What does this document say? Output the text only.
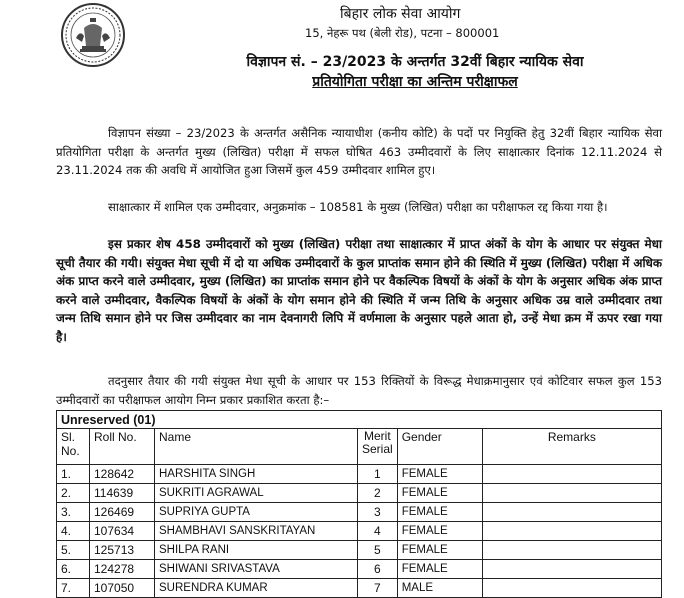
बिहार लोक सेवा आयोग
15, नेहरू पथ (बेली रोड), पटना – 800001
विज्ञापन सं. – 23/2023 के अन्तर्गत 32वीं बिहार न्यायिक सेवा
प्रतियोगिता परीक्षा का अन्तिम परीक्षाफल

विज्ञापन संख्या – 23/2023 के अन्तर्गत असैनिक न्यायाधीश (कनीय कोटि) के पदों पर नियुक्ति हेतु 32वीं बिहार न्यायिक सेवा प्रतियोगिता परीक्षा के अन्तर्गत मुख्य (लिखित) परीक्षा में सफल घोषित 463 उम्मीदवारों के लिए साक्षात्कार दिनांक 12.11.2024 से 23.11.2024 तक की अवधि में आयोजित हुआ जिसमें कुल 459 उम्मीदवार शामिल हुए।

साक्षात्कार में शामिल एक उम्मीदवार, अनुक्रमांक – 108581 के मुख्य (लिखित) परीक्षा का परीक्षाफल रद्द किया गया है।

इस प्रकार शेष 458 उम्मीदवारों को मुख्य (लिखित) परीक्षा तथा साक्षात्कार में प्राप्त अंकों के योग के आधार पर संयुक्त मेधा सूची तैयार की गयी। संयुक्त मेधा सूची में दो या अधिक उम्मीदवारों के कुल प्राप्तांक समान होने की स्थिति में मुख्य (लिखित) परीक्षा में अधिक अंक प्राप्त करने वाले उम्मीदवार, मुख्य (लिखित) का प्राप्तांक समान होने पर वैकल्पिक विषयों के अंकों के योग के अनुसार अधिक अंक प्राप्त करने वाले उम्मीदवार, वैकल्पिक विषयों के अंकों के योग समान होने की स्थिति में जन्म तिथि के अनुसार अधिक उम्र वाले उम्मीदवार तथा जन्म तिथि समान होने पर जिस उम्मीदवार का नाम देवनागरी लिपि में वर्णमाला के अनुसार पहले आता हो, उन्हें मेधा क्रम में ऊपर रखा गया है।

तदनुसार तैयार की गयी संयुक्त मेधा सूची के आधार पर 153 रिक्तियों के विरूद्ध मेधाक्रमानुसार एवं कोटिवार सफल कुल 153 उम्मीदवारों का परीक्षाफल आयोग निम्न प्रकार प्रकाशित करता है:–

Unreserved (01)					
Sl. No.	Roll No.	Name	Merit Serial	Gender	Remarks
1.	128642	HARSHITA SINGH	1	FEMALE	
2.	114639	SUKRITI AGRAWAL	2	FEMALE	
3.	126469	SUPRIYA GUPTA	3	FEMALE	
4.	107634	SHAMBHAVI SANSKRITAYAN	4	FEMALE	
5.	125713	SHILPA RANI	5	FEMALE	
6.	124278	SHIWANI SRIVASTAVA	6	FEMALE	
7.	107050	SURENDRA KUMAR	7	MALE	
